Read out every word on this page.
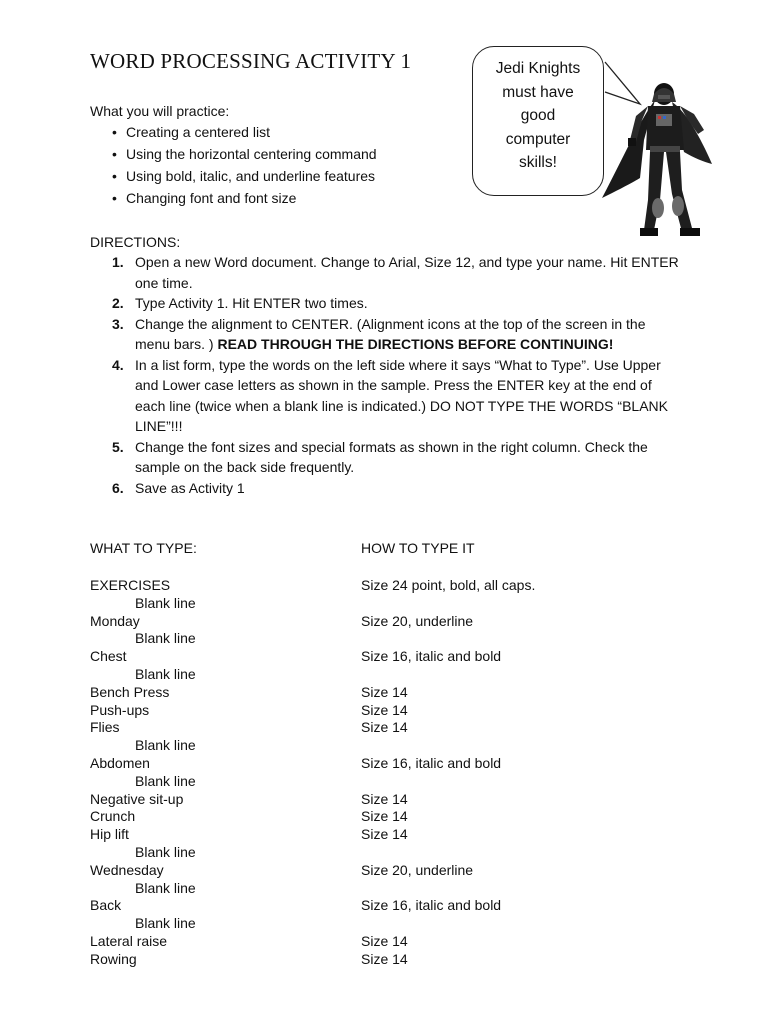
WORD PROCESSING ACTIVITY 1
What you will practice:
• Creating a centered list
• Using the horizontal centering command
• Using bold, italic, and underline features
• Changing font and font size
Jedi Knights
must have
good
computer
skills!
DIRECTIONS:
1. Open a new Word document. Change to Arial, Size 12, and type your name. Hit ENTER one time.
2. Type Activity 1. Hit ENTER two times.
3. Change the alignment to CENTER. (Alignment icons at the top of the screen in the menu bars. ) READ THROUGH THE DIRECTIONS BEFORE CONTINUING!
4. In a list form, type the words on the left side where it says “What to Type”. Use Upper and Lower case letters as shown in the sample. Press the ENTER key at the end of each line (twice when a blank line is indicated.) DO NOT TYPE THE WORDS “BLANK LINE”!!!
5. Change the font sizes and special formats as shown in the right column. Check the sample on the back side frequently.
6. Save as Activity 1
WHAT TO TYPE:	HOW TO TYPE IT
EXERCISES	Size 24 point, bold, all caps.
Blank line
Monday	Size 20, underline
Blank line
Chest	Size 16, italic and bold
Blank line
Bench Press	Size 14
Push-ups	Size 14
Flies	Size 14
Blank line
Abdomen	Size 16, italic and bold
Blank line
Negative sit-up	Size 14
Crunch	Size 14
Hip lift	Size 14
Blank line
Wednesday	Size 20, underline
Blank line
Back	Size 16, italic and bold
Blank line
Lateral raise	Size 14
Rowing	Size 14
